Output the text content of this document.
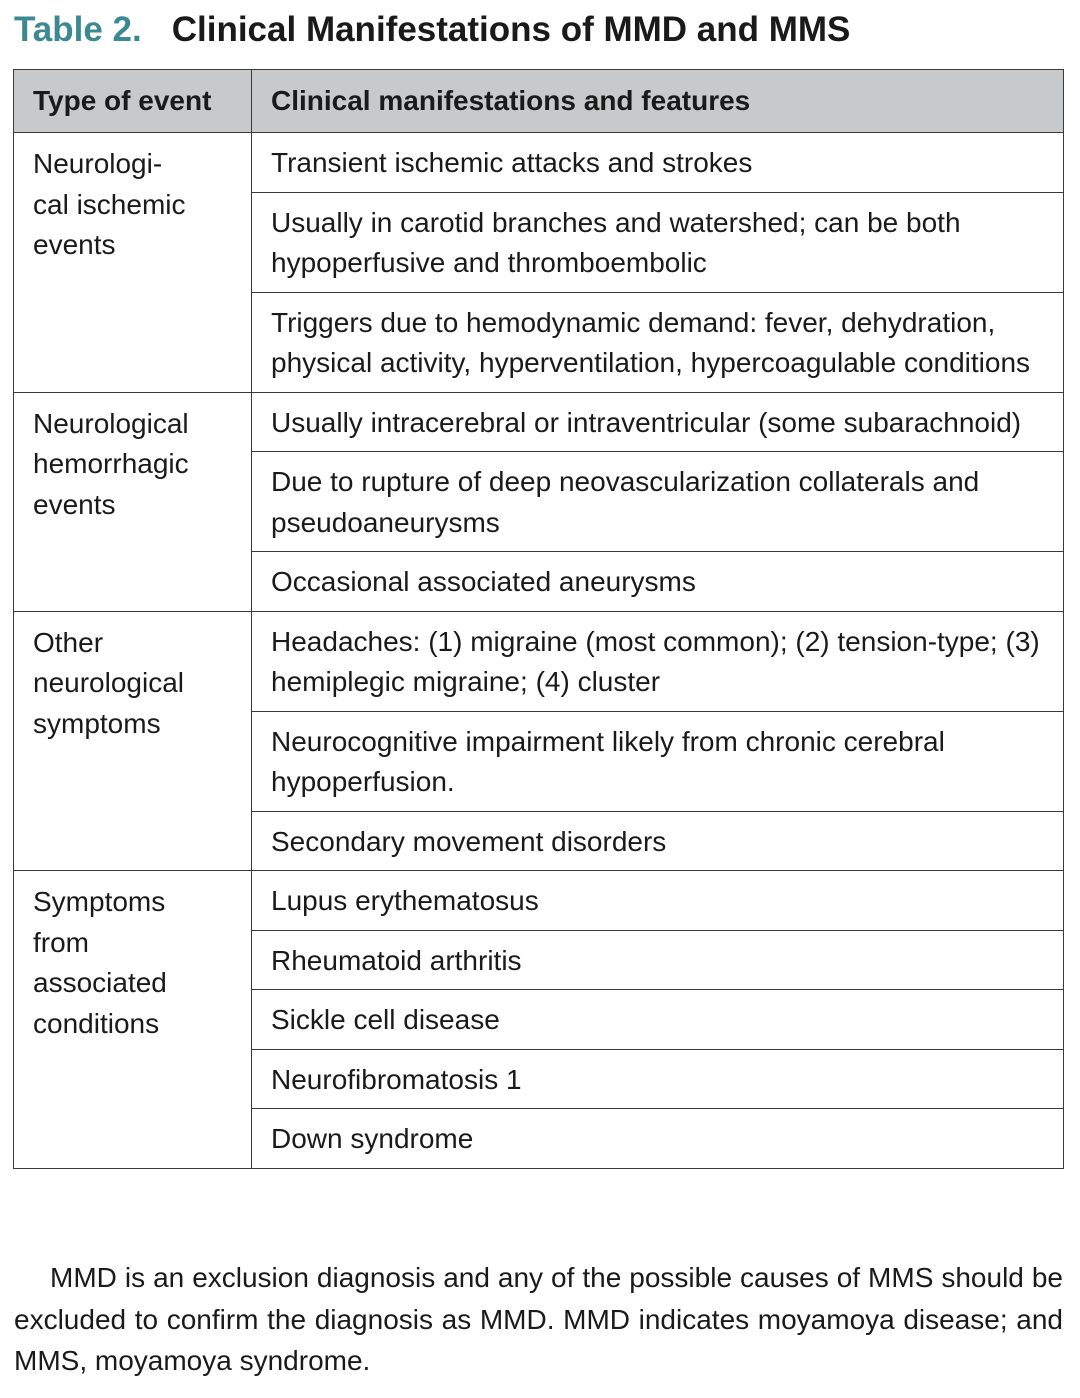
Table 2. Clinical Manifestations of MMD and MMS
Type of event	Clinical manifestations and features
Neurologi-
cal ischemic
events	Transient ischemic attacks and strokes
	Usually in carotid branches and watershed; can be both hypoperfusive and thromboembolic
	Triggers due to hemodynamic demand: fever, dehydration, physical activity, hyperventilation, hypercoagulable conditions
Neurological
hemorrhagic
events	Usually intracerebral or intraventricular (some subarachnoid)
	Due to rupture of deep neovascularization collaterals and pseudoaneurysms
	Occasional associated aneurysms
Other
neurological
symptoms	Headaches: (1) migraine (most common); (2) tension-type; (3) hemiplegic migraine; (4) cluster
	Neurocognitive impairment likely from chronic cerebral hypoperfusion.
	Secondary movement disorders
Symptoms
from
associated
conditions	Lupus erythematosus
	Rheumatoid arthritis
	Sickle cell disease
	Neurofibromatosis 1
	Down syndrome

MMD is an exclusion diagnosis and any of the possible causes of MMS should be excluded to confirm the diagnosis as MMD. MMD indicates moyamoya disease; and MMS, moyamoya syndrome.
